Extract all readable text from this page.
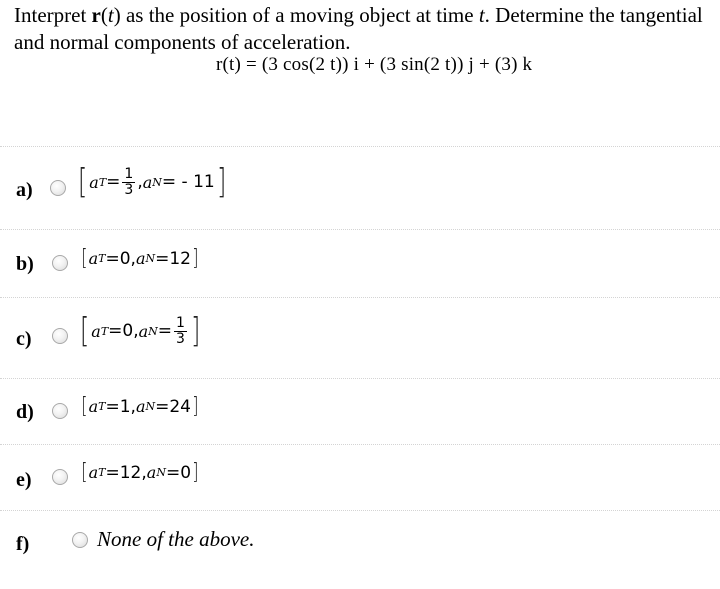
Interpret r(t) as the position of a moving object at time t. Determine the tangential and normal components of acceleration.
r(t) = (3 cos(2 t)) i + (3 sin(2 t)) j + (3) k
a) [ a $T = \frac{1}{3}$ , a N = - 11 ]
b) [ a T =0 , a N =12 ]
c) [ a T =0 , a $N = \frac{1}{3}$ ]
d) [ a T =1 , a N =24 ]
e) [ a T =12 , a N =0 ]
f)	None of the above.
